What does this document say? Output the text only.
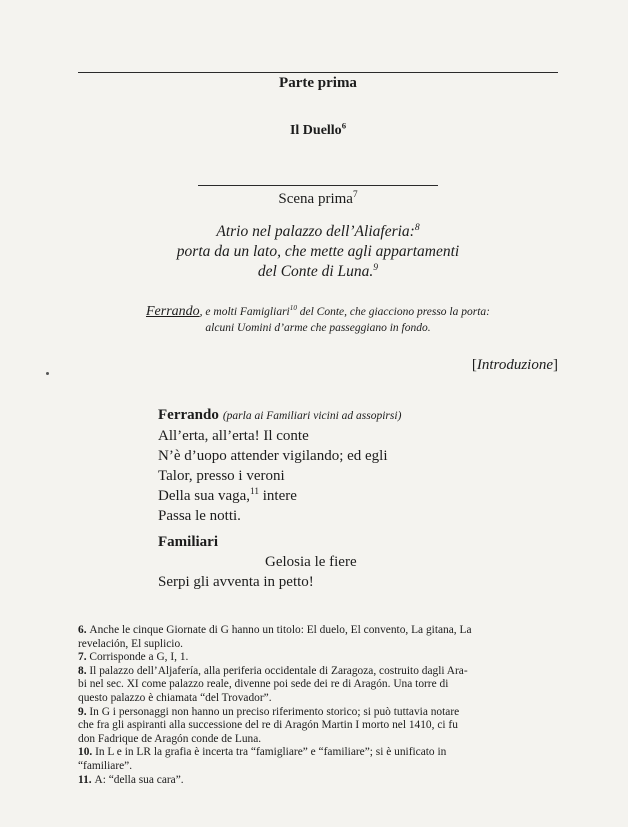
Parte prima
Il Duello$^6$
Scena prima$^7$
Atrio nel palazzo dell’Aliaferia:$^8$
porta da un lato, che mette agli appartamenti
del Conte di Luna.$^9$
Ferrando, e molti Famigliari$^{10}$ del Conte, che giacciono presso la porta:
alcuni Uomini d’arme che passeggiano in fondo.
[Introduzione]
Ferrando (parla ai Familiari vicini ad assopirsi)
All’erta, all’erta! Il conte
N’è d’uopo attender vigilando; ed egli
Talor, presso i veroni
Della sua vaga,$^{11}$ intere
Passa le notti.
Familiari
Gelosia le fiere
Serpi gli avventa in petto!
6. Anche le cinque Giornate di G hanno un titolo: El duelo, El convento, La gitana, La
revelación, El suplicio.
7. Corrisponde a G, I, 1.
8. Il palazzo dell’Aljafería, alla periferia occidentale di Zaragoza, costruito dagli Ara-
bi nel sec. XI come palazzo reale, divenne poi sede dei re di Aragón. Una torre di
questo palazzo è chiamata “del Trovador”.
9. In G i personaggi non hanno un preciso riferimento storico; si può tuttavia notare
che fra gli aspiranti alla successione del re di Aragón Martin I morto nel 1410, ci fu
don Fadrique de Aragón conde de Luna.
10. In L e in LR la grafia è incerta tra “famigliare” e “familiare”; si è unificato in
“familiare”.
11. A: “della sua cara”.
